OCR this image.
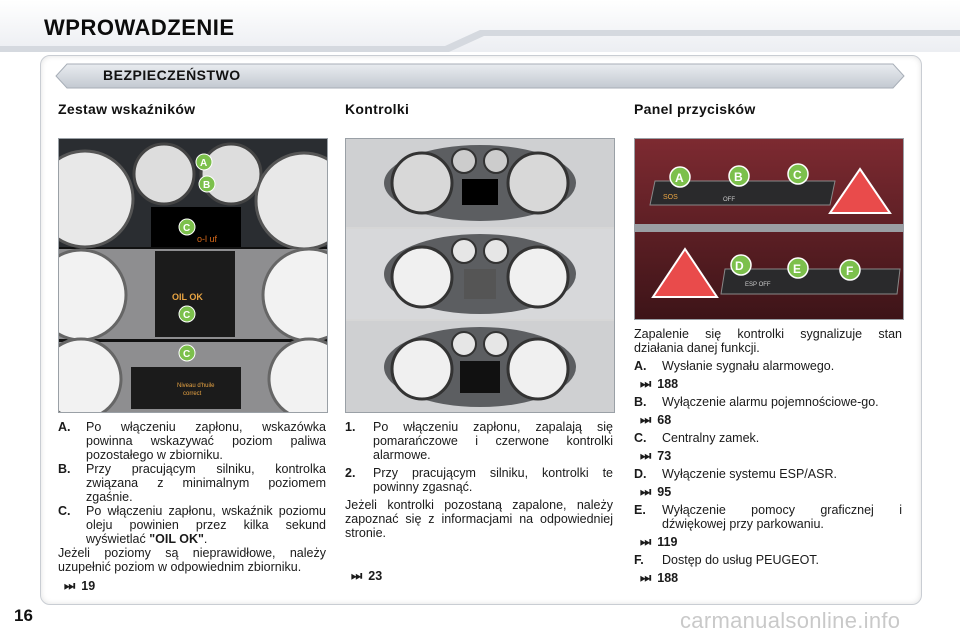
WPROWADZENIE
BEZPIECZEŃSTWO
Zestaw wskaźników
o-l uf
A
B
C
OIL OK
C
Niveau d'huile
correct
C
A.	Po włączeniu zapłonu, wskazówka powinna wskazywać poziom paliwa pozostałego w zbiorniku.
B.	Przy pracującym silniku, kontrolka związana z minimalnym poziomem zgaśnie.
C.	Po włączeniu zapłonu, wskaźnik poziomu oleju powinien przez kilka sekund wyświetlać "OIL OK".
Jeżeli poziomy są nieprawidłowe, należy uzupełnić poziom w odpowiednim zbiorniku.
⏭ 19
Kontrolki
1.	Po włączeniu zapłonu, zapalają się pomarańczowe i czerwone kontrolki alarmowe.
2.	Przy pracującym silniku, kontrolki te powinny zgasnąć.
Jeżeli kontrolki pozostaną zapalone, należy zapoznać się z informacjami na odpowiedniej stronie.
⏭ 23
Panel przycisków
SOS	OFF
ESP OFF
A	B	C
D	E	F
Zapalenie się kontrolki sygnalizuje stan działania danej funkcji.
A.	Wysłanie sygnału alarmowego.
⏭ 188
B.	Wyłączenie alarmu pojemnościowe-go.
⏭ 68
C.	Centralny zamek.
⏭ 73
D.	Wyłączenie systemu ESP/ASR.
⏭ 95
E.	Wyłączenie pomocy graficznej i dźwiękowej przy parkowaniu.
⏭ 119
F.	Dostęp do usług PEUGEOT.
⏭ 188
16	carmanualsonline.info
